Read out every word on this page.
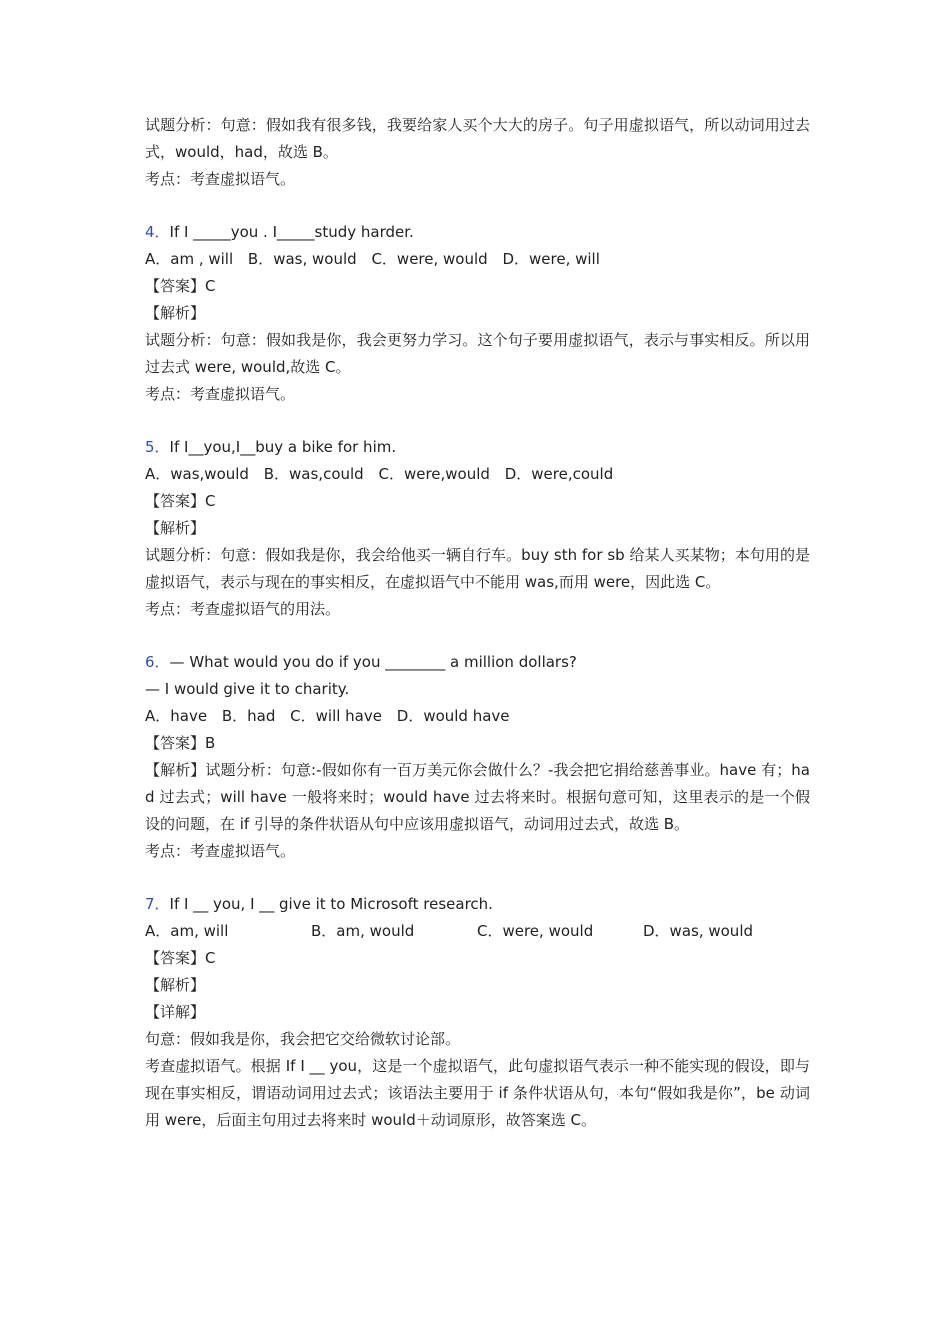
试题分析：句意：假如我有很多钱，我要给家人买个大大的房子。句子用虚拟语气，所以动词用过去式，would，had，故选 B。

考点：考查虚拟语气。

4．If I _____you . I_____study harder.

A．am , will B．was, would C．were, would D．were, will

【答案】C

【解析】

试题分析：句意：假如我是你，我会更努力学习。这个句子要用虚拟语气，表示与事实相反。所以用过去式 were, would,故选 C。

考点：考查虚拟语气。

5．If I__you,I__buy a bike for him.

A．was,would B．was,could C．were,would D．were,could

【答案】C

【解析】

试题分析：句意：假如我是你，我会给他买一辆自行车。buy sth for sb 给某人买某物；本句用的是虚拟语气，表示与现在的事实相反，在虚拟语气中不能用 was,而用 were，因此选 C。

考点：考查虚拟语气的用法。

6．— What would you do if you ________ a million dollars?

— I would give it to charity.

A．have B．had C．will have D．would have

【答案】B

【解析】试题分析：句意:-假如你有一百万美元你会做什么？-我会把它捐给慈善事业。have 有；had 过去式；will have 一般将来时；would have 过去将来时。根据句意可知，这里表示的是一个假设的问题，在 if 引导的条件状语从句中应该用虚拟语气，动词用过去式，故选 B。

考点：考查虚拟语气。

7．If I __ you, I __ give it to Microsoft research.

A．am, will	B．am, would	C．were, would	D．was, would

【答案】C

【解析】

【详解】

句意：假如我是你，我会把它交给微软讨论部。

考查虚拟语气。根据 If I __ you，这是一个虚拟语气，此句虚拟语气表示一种不能实现的假设，即与现在事实相反，谓语动词用过去式；该语法主要用于 if 条件状语从句，本句“假如我是你”，be 动词用 were，后面主句用过去将来时 would＋动词原形，故答案选 C。
